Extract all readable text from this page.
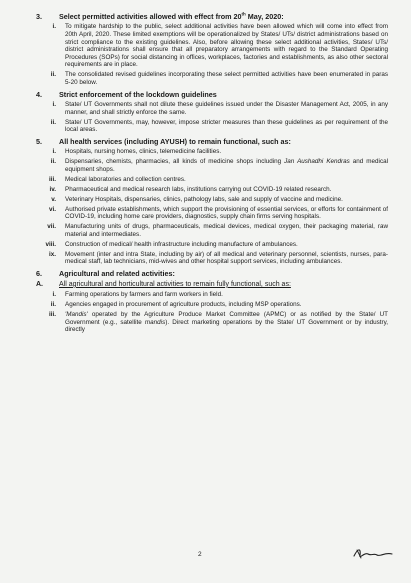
3.	Select permitted activities allowed with effect from 20th May, 2020:
i.	To mitigate hardship to the public, select additional activities have been allowed which will come into effect from 20th April, 2020. These limited exemptions will be operationalized by States/ UTs/ district administrations based on strict compliance to the existing guidelines. Also, before allowing these select additional activities, States/ UTs/ district administrations shall ensure that all preparatory arrangements with regard to the Standard Operating Procedures (SOPs) for social distancing in offices, workplaces, factories and establishments, as also other sectoral requirements are in place.
ii.	The consolidated revised guidelines incorporating these select permitted activities have been enumerated in paras 5-20 below.
4.	Strict enforcement of the lockdown guidelines
i.	State/ UT Governments shall not dilute these guidelines issued under the Disaster Management Act, 2005, in any manner, and shall strictly enforce the same.
ii.	State/ UT Governments, may, however, impose stricter measures than these guidelines as per requirement of the local areas.
5.	All health services (including AYUSH) to remain functional, such as:
i.	Hospitals, nursing homes, clinics, telemedicine facilities.
ii.	Dispensaries, chemists, pharmacies, all kinds of medicine shops including Jan Aushadhi Kendras and medical equipment shops.
iii.	Medical laboratories and collection centres.
iv.	Pharmaceutical and medical research labs, institutions carrying out COVID-19 related research.
v.	Veterinary Hospitals, dispensaries, clinics, pathology labs, sale and supply of vaccine and medicine.
vi.	Authorised private establishments, which support the provisioning of essential services, or efforts for containment of COVID-19, including home care providers, diagnostics, supply chain firms serving hospitals.
vii.	Manufacturing units of drugs, pharmaceuticals, medical devices, medical oxygen, their packaging material, raw material and intermediates.
viii.	Construction of medical/ health infrastructure including manufacture of ambulances.
ix.	Movement (inter and intra State, including by air) of all medical and veterinary personnel, scientists, nurses, para-medical staff, lab technicians, mid-wives and other hospital support services, including ambulances.
6.	Agricultural and related activities:
A.	All agricultural and horticultural activities to remain fully functional, such as:
i.	Farming operations by farmers and farm workers in field.
ii.	Agencies engaged in procurement of agriculture products, including MSP operations.
iii.	'Mandis' operated by the Agriculture Produce Market Committee (APMC) or as notified by the State/ UT Government (e.g., satellite mandis). Direct marketing operations by the State/ UT Government or by industry, directly
2
